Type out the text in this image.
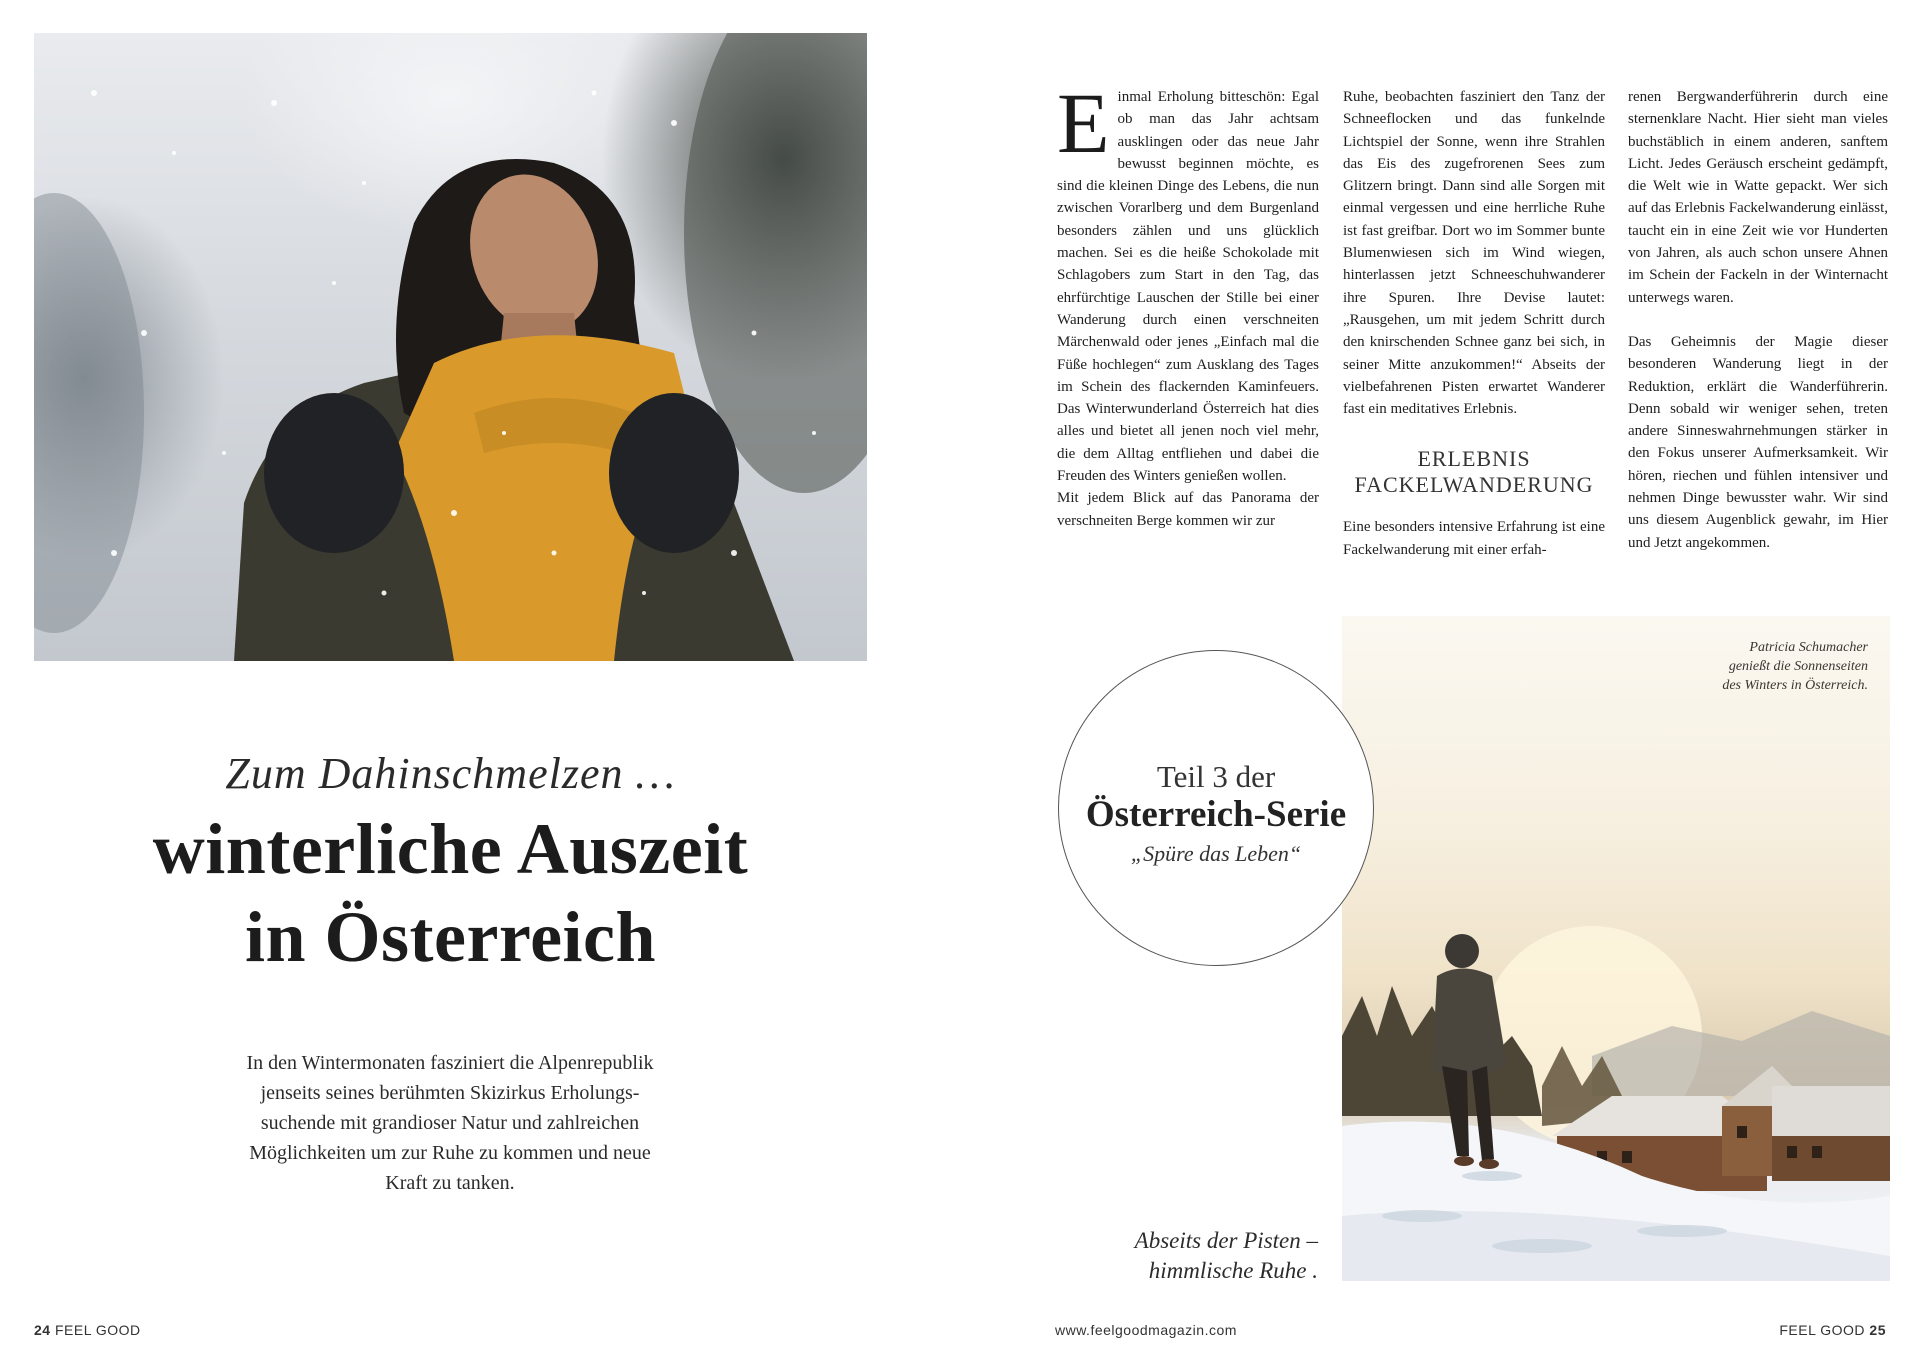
Zum Dahinschmelzen …
winterliche Auszeit
in Österreich
In den Wintermonaten fasziniert die Alpenrepublik
jenseits seines berühmten Skizirkus Erholungs-
suchende mit grandioser Natur und zahlreichen
Möglichkeiten um zur Ruhe zu kommen und neue
Kraft zu tanken.
24 FEEL GOOD

Einmal Erholung bitteschön: Egal ob man das Jahr achtsam ausklingen oder das neue Jahr bewusst beginnen möchte, es sind die kleinen Dinge des Lebens, die nun zwischen Vorarlberg und dem Burgenland besonders zählen und uns glücklich machen. Sei es die heiße Schokolade mit Schlagobers zum Start in den Tag, das ehrfürchtige Lauschen der Stille bei einer Wanderung durch einen verschneiten Märchenwald oder jenes „Einfach mal die Füße hochlegen“ zum Ausklang des Tages im Schein des flackernden Kaminfeuers. Das Winterwunderland Österreich hat dies alles und bietet all jenen noch viel mehr, die dem Alltag entfliehen und dabei die Freuden des Winters genießen wollen.

Mit jedem Blick auf das Panorama der verschneiten Berge kommen wir zur

Ruhe, beobachten fasziniert den Tanz der Schneeflocken und das funkelnde Lichtspiel der Sonne, wenn ihre Strahlen das Eis des zugefrorenen Sees zum Glitzern bringt. Dann sind alle Sorgen mit einmal vergessen und eine herrliche Ruhe ist fast greifbar. Dort wo im Sommer bunte Blumenwiesen sich im Wind wiegen, hinterlassen jetzt Schneeschuhwanderer ihre Spuren. Ihre Devise lautet: „Rausgehen, um mit jedem Schritt durch den knirschenden Schnee ganz bei sich, in seiner Mitte anzukommen!“ Abseits der vielbefahrenen Pisten erwartet Wanderer fast ein meditatives Erlebnis.

ERLEBNIS
FACKELWANDERUNG

Eine besonders intensive Erfahrung ist eine Fackelwanderung mit einer erfah-

renen Bergwanderführerin durch eine sternenklare Nacht. Hier sieht man vieles buchstäblich in einem anderen, sanftem Licht. Jedes Geräusch erscheint gedämpft, die Welt wie in Watte gepackt. Wer sich auf das Erlebnis Fackelwanderung einlässt, taucht ein in eine Zeit wie vor Hunderten von Jahren, als auch schon unsere Ahnen im Schein der Fackeln in der Winternacht unterwegs waren.

Das Geheimnis der Magie dieser besonderen Wanderung liegt in der Reduktion, erklärt die Wanderführerin. Denn sobald wir weniger sehen, treten andere Sinneswahrnehmungen stärker in den Fokus unserer Aufmerksamkeit. Wir hören, riechen und fühlen intensiver und nehmen Dinge bewusster wahr. Wir sind uns diesem Augenblick gewahr, im Hier und Jetzt angekommen.

Patricia Schumacher
genießt die Sonnenseiten
des Winters in Österreich.
Teil 3 der
Österreich-Serie
„Spüre das Leben“
Abseits der Pisten –
himmlische Ruhe .
www.feelgoodmagazin.com	FEEL GOOD 25
